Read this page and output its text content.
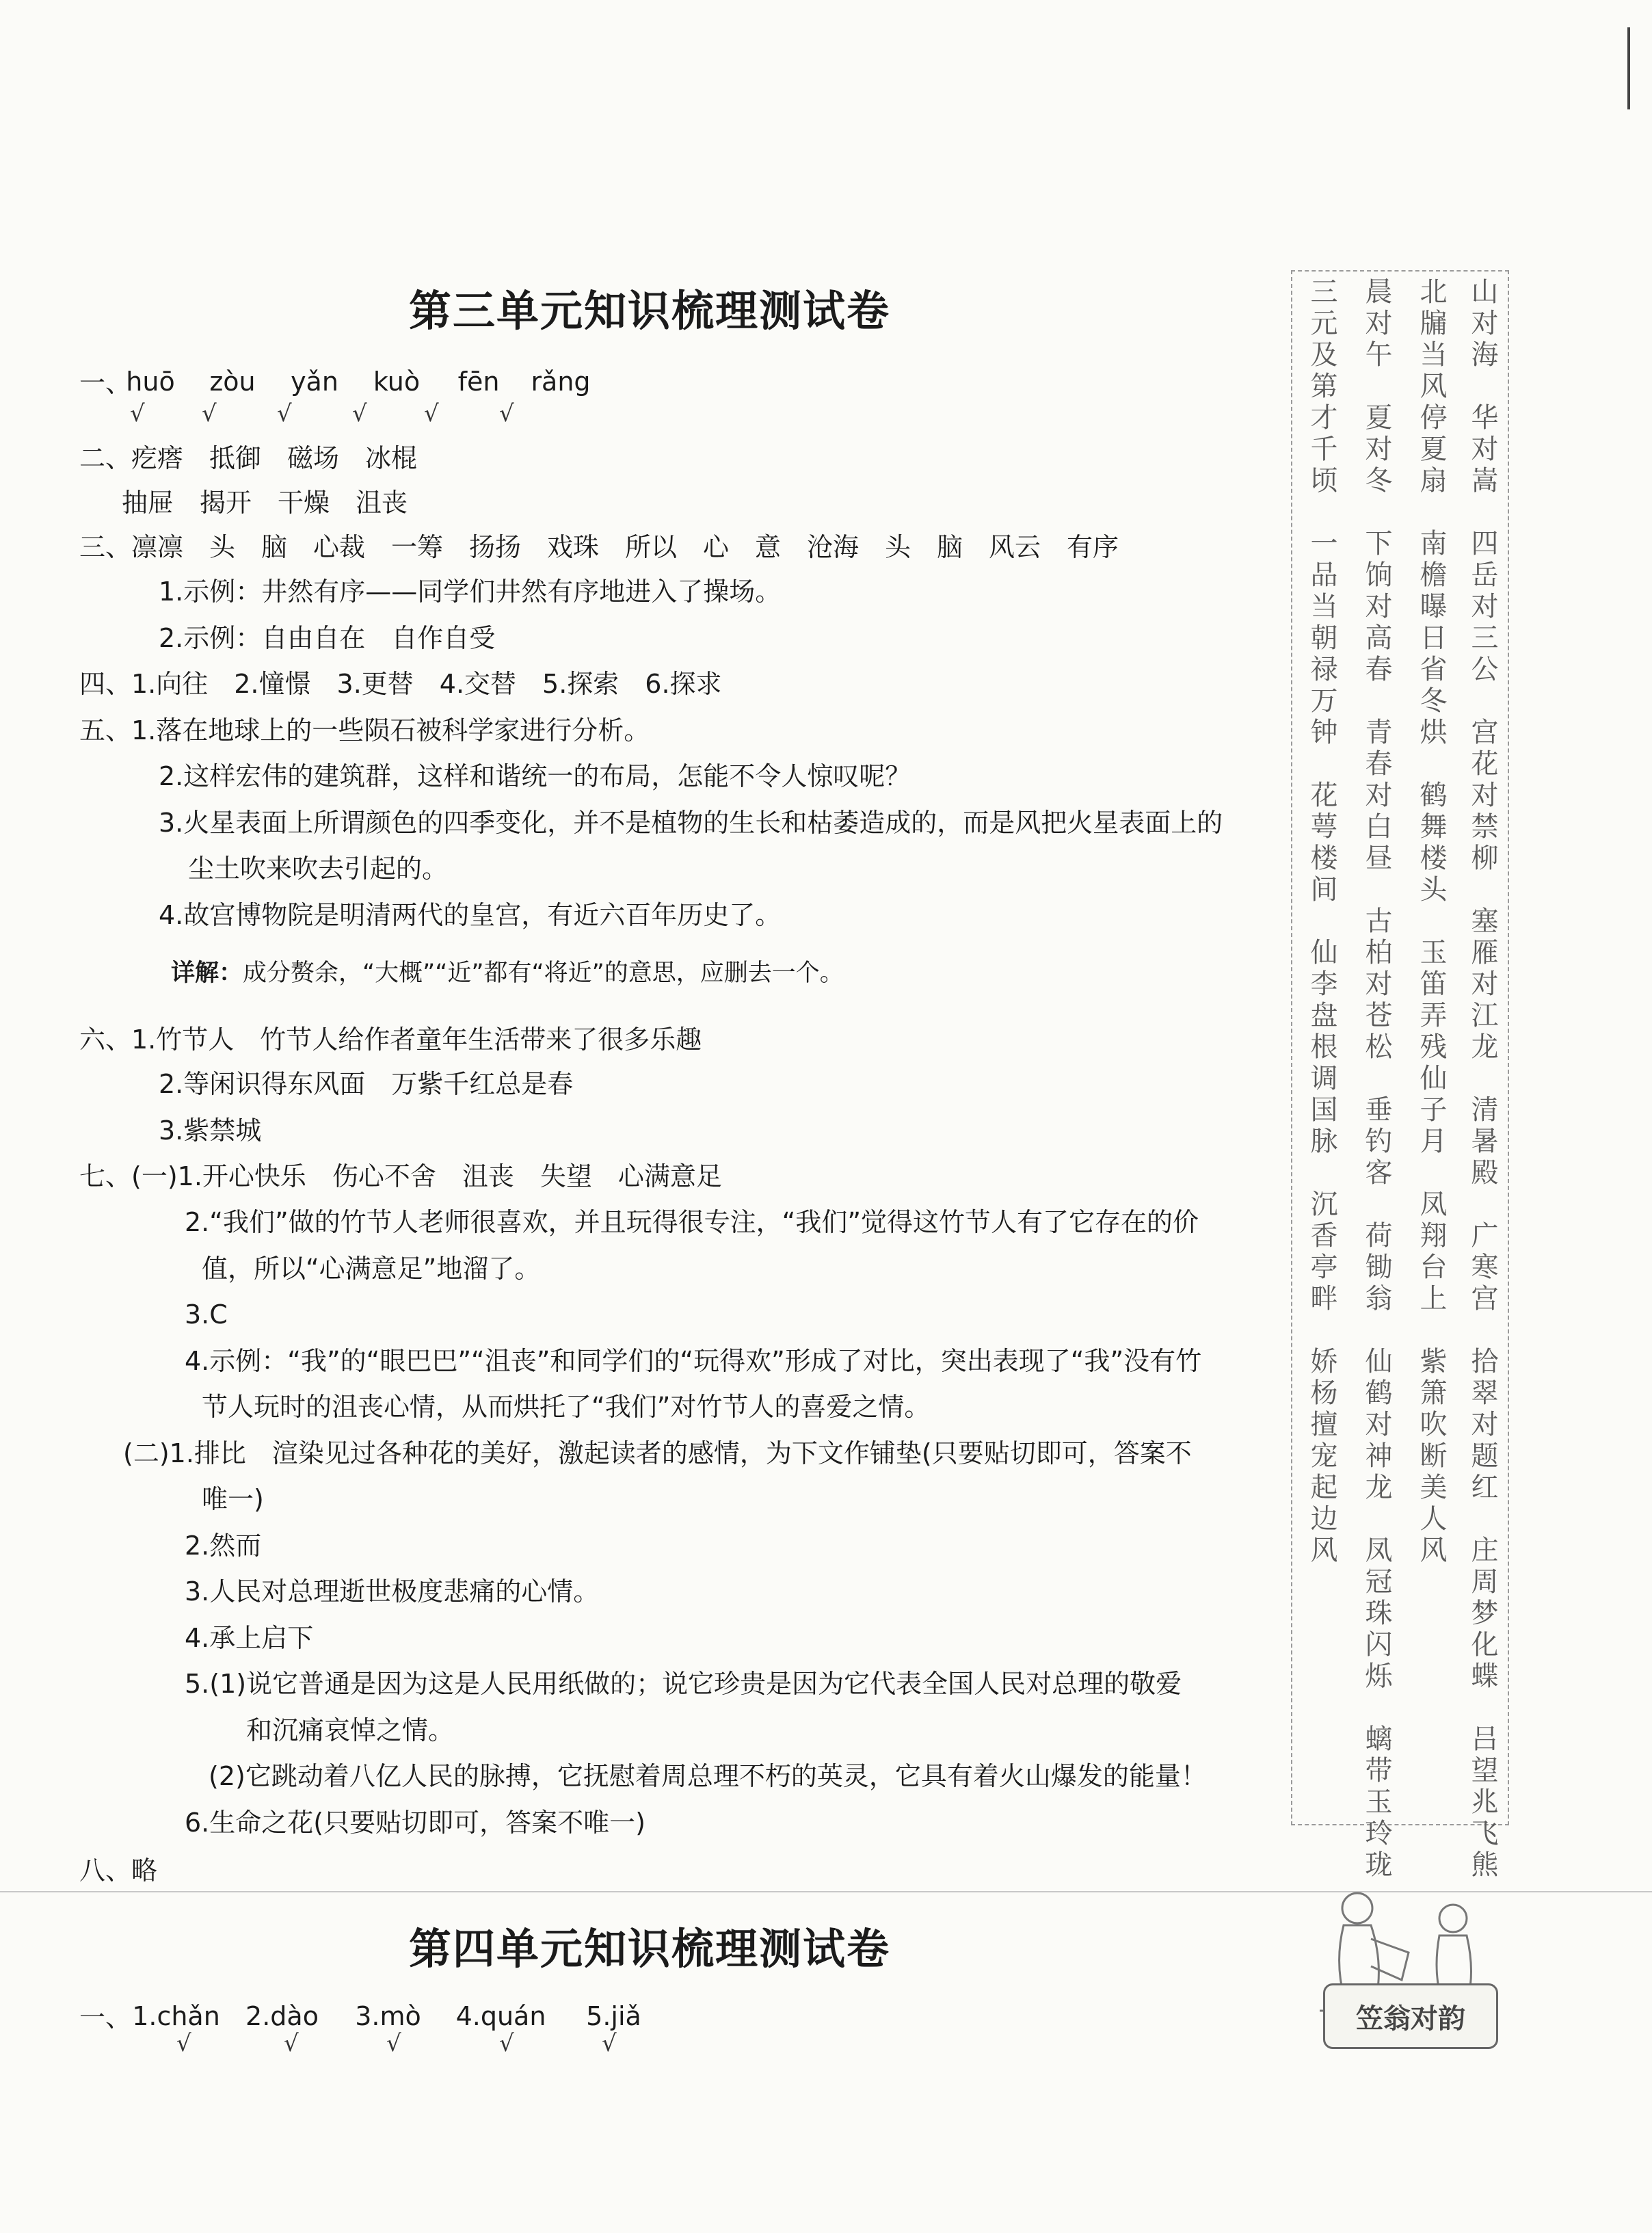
第三单元知识梳理测试卷
一、
huō zòu yǎn kuò fēn rǎng
√ √	√	√ √	√
二、疙瘩　抵御　磁场　冰棍
抽屉　揭开　干燥　沮丧
三、凛凛　头　脑　心裁　一筹　扬扬　戏珠　所以　心　意　沧海　头　脑　风云　有序
1.示例：井然有序——同学们井然有序地进入了操场。
2.示例：自由自在　自作自受
四、1.向往　2.憧憬　3.更替　4.交替　5.探索　6.探求
五、1.落在地球上的一些陨石被科学家进行分析。
2.这样宏伟的建筑群，这样和谐统一的布局，怎能不令人惊叹呢？
3.火星表面上所谓颜色的四季变化，并不是植物的生长和枯萎造成的，而是风把火星表面上的
尘土吹来吹去引起的。
4.故宫博物院是明清两代的皇宫，有近六百年历史了。
详解：成分赘余，“大概”“近”都有“将近”的意思，应删去一个。
六、1.竹节人　竹节人给作者童年生活带来了很多乐趣
2.等闲识得东风面　万紫千红总是春
3.紫禁城
七、(一)1.开心快乐　伤心不舍　沮丧　失望　心满意足
2.“我们”做的竹节人老师很喜欢，并且玩得很专注，“我们”觉得这竹节人有了它存在的价
值，所以“心满意足”地溜了。
3.C
4.示例：“我”的“眼巴巴”“沮丧”和同学们的“玩得欢”形成了对比，突出表现了“我”没有竹
节人玩时的沮丧心情，从而烘托了“我们”对竹节人的喜爱之情。
(二)1.排比　渲染见过各种花的美好，激起读者的感情，为下文作铺垫(只要贴切即可，答案不
唯一)
2.然而
3.人民对总理逝世极度悲痛的心情。
4.承上启下
5.(1)说它普通是因为这是人民用纸做的；说它珍贵是因为它代表全国人民对总理的敬爱
和沉痛哀悼之情。
(2)它跳动着八亿人民的脉搏，它抚慰着周总理不朽的英灵，它具有着火山爆发的能量！
6.生命之花(只要贴切即可，答案不唯一)
八、略
第四单元知识梳理测试卷
一、 1.chǎn 2.dào 3.mò 4.quán 5.jiǎ
√	√	√	√	√
山对海　华对嵩　四岳对三公　宫花对禁柳　塞雁对江龙　清暑殿　广寒宫　拾翠对题红　庄周梦化蝶　吕望兆飞熊
北牖当风停夏扇　南檐曝日省冬烘　鹤舞楼头　玉笛弄残仙子月　凤翔台上　紫箫吹断美人风
晨对午　夏对冬　下饷对高春　青春对白昼　古柏对苍松　垂钓客　荷锄翁　仙鹤对神龙　凤冠珠闪烁　螭带玉玲珑
三元及第才千顷　一品当朝禄万钟　花萼楼间　仙李盘根调国脉　沉香亭畔　娇杨擅宠起边风
笠翁对韵
